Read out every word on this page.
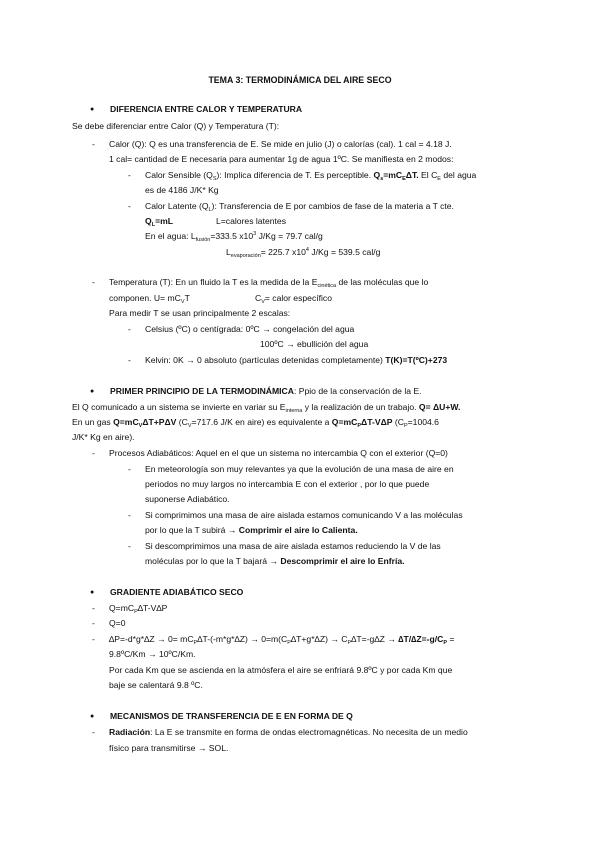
TEMA 3: TERMODINÁMICA DEL AIRE SECO
● DIFERENCIA ENTRE CALOR Y TEMPERATURA
Se debe diferenciar entre Calor (Q) y Temperatura (T):
- Calor (Q): Q es una transferencia de E. Se mide en julio (J) o calorías (cal). 1 cal = 4.18 J.
1 cal= cantidad de E necesaria para aumentar 1g de agua 1ºC. Se manifiesta en 2 modos:
- Calor Sensible $(Q_S)$: Implica diferencia de T. Es perceptible. $Q_s=mC_E\Delta T$. El $C_E$ del agua
es de 4186 J/K* Kg
- Calor Latente $(Q_L)$: Transferencia de E por cambios de fase de la materia a T cte.
$Q_L=mL$	L=calores latentes
En el agua: $L_{fusión}=333.5$ $x10^3$ J/Kg = 79.7 cal/g
$L_{evaporación}= 225.7$ $x10^4$ J/Kg = 539.5 cal/g
- Temperatura (T): En un fluido la T es la medida de la $E_{cinética}$ de las moléculas que lo
componen. $U= mC_VT$	$C_V=$ calor específico
Para medir T se usan principalmente 2 escalas:
- Celsius (ºC) o centígrada: 0ºC → congelación del agua
100ºC → ebullición del agua
- Kelvin: 0K → 0 absoluto (partículas detenidas completamente) T(K)=T(ºC)+273
● PRIMER PRINCIPIO DE LA TERMODINÁMICA: Ppio de la conservación de la E.
El Q comunicado a un sistema se invierte en variar su $E_{interna}$ y la realización de un trabajo. Q= ΔU+W.
En un gas $Q=mC_V\Delta T+P\Delta V$ ($C_V=717.6$ J/K en aire) es equivalente a $Q=mC_P\Delta T$-VΔP ($C_P=1004.6$
J/K* Kg en aire).
- Procesos Adiabáticos: Aquel en el que un sistema no intercambia Q con el exterior (Q=0)
- En meteorología son muy relevantes ya que la evolución de una masa de aire en
periodos no muy largos no intercambia E con el exterior , por lo que puede
suponerse Adiabático.
- Si comprimimos una masa de aire aislada estamos comunicando V a las moléculas
por lo que la T subirá → Comprimir el aire lo Calienta.
- Si descomprimimos una masa de aire aislada estamos reduciendo la V de las
moléculas por lo que la T bajará → Descomprimir el aire lo Enfría.
● GRADIENTE ADIABÁTICO SECO
- $Q=mC_P\Delta T-V\Delta P$
- Q=0
- $\Delta P=-d*g*\Delta Z \to 0= mC_P\Delta T-(-m*g*\Delta Z) \to 0=m(C_P\Delta T+g*\Delta Z) \to C_P\Delta T=-g\Delta Z \to \Delta T/\Delta Z=-g/C_P$ =
9.8ºC/Km → 10ºC/Km.
Por cada Km que se ascienda en la atmósfera el aire se enfriará 9.8ºC y por cada Km que
baje se calentará 9.8 ºC.
● MECANISMOS DE TRANSFERENCIA DE E EN FORMA DE Q
- Radiación: La E se transmite en forma de ondas electromagnéticas. No necesita de un medio
físico para transmitirse → SOL.
